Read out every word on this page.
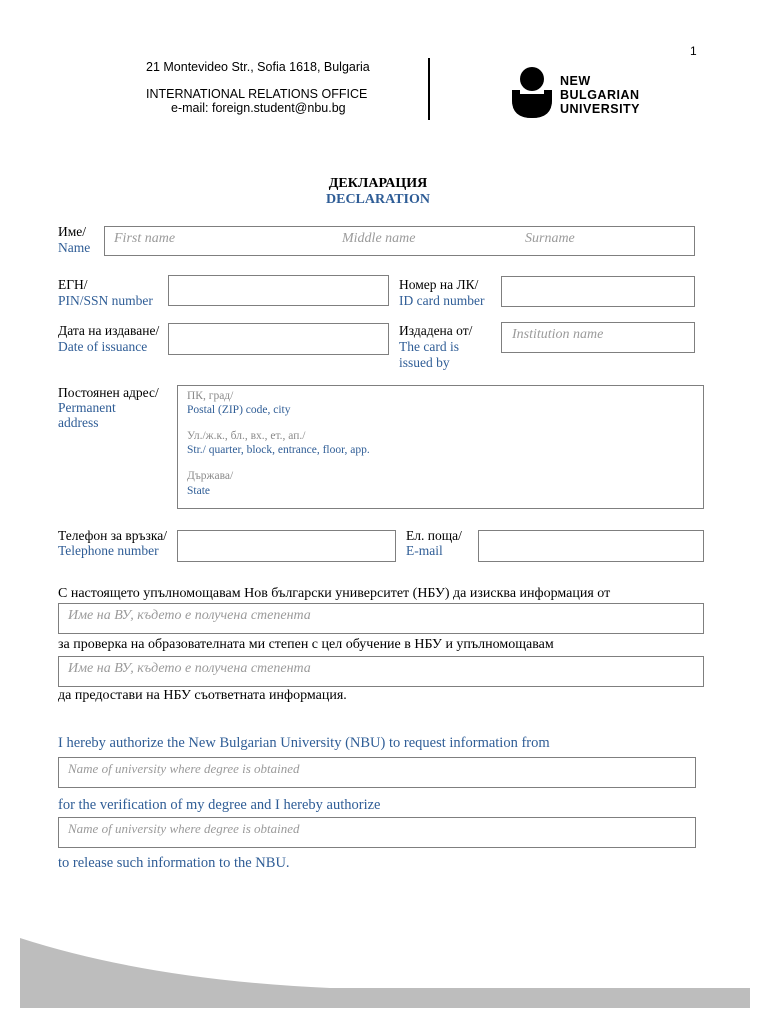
1
21 Montevideo Str., Sofia 1618, Bulgaria
INTERNATIONAL RELATIONS OFFICE
e-mail: foreign.student@nbu.bg
NEW
BULGARIAN
UNIVERSITY
ДЕКЛАРАЦИЯ
DECLARATION
Име/
Name
First name	Middle name	Surname
ЕГН/
PIN/SSN number
Номер на ЛК/
ID card number
Дата на издаване/
Date of issuance
Издадена от/
The card is
issued by
Institution name
Постоянен адрес/
Permanent
address
ПК, град/
Postal (ZIP) code, city
Ул./ж.к., бл., вх., ет., ап./
Str./ quarter, block, entrance, floor, app.
Държава/
State
Телефон за връзка/
Telephone number
Ел. поща/
E-mail
С настоящето упълномощавам Нов български университет (НБУ) да изисква информация от
Име на ВУ, където е получена степента
за проверка на образователната ми степен с цел обучение в НБУ и упълномощавам
Име на ВУ, където е получена степента
да предостави на НБУ съответната информация.
I hereby authorize the New Bulgarian University (NBU) to request information from
Name of university where degree is obtained
for the verification of my degree and I hereby authorize
Name of university where degree is obtained
to release such information to the NBU.
